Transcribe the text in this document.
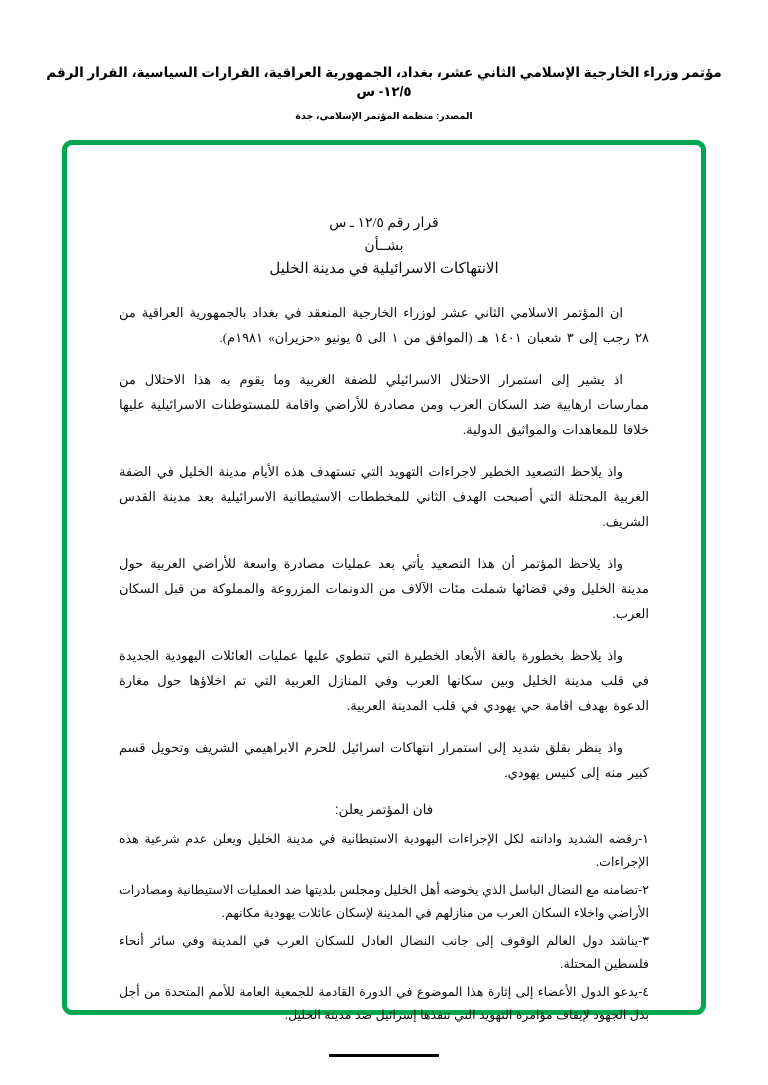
مؤتمر وزراء الخارجية الإسلامي الثاني عشر، بغداد، الجمهورية العراقية، القرارات السياسية، القرار الرقم ١٢/٥- س
المصدر: منظمة المؤتمر الإسلامي، جدة
قرار رقم ١٢/٥ ـ س
بشــأن
الانتهاكات الاسرائيلية في مدينة الخليل

ان المؤتمر الاسلامي الثاني عشر لوزراء الخارجية المنعقد في بغداد بالجمهورية العراقية من ٢٨ رجب إلى ٣ شعبان ١٤٠١ هـ (الموافق من ١ الى ٥ يونيو «حزيران» ١٩٨١م).

اذ يشير إلى استمرار الاحتلال الاسرائيلي للضفة الغربية وما يقوم به هذا الاحتلال من ممارسات ارهابية ضد السكان العرب ومن مصادرة للأراضي واقامة للمستوطنات الاسرائيلية عليها خلافا للمعاهدات والمواثيق الدولية.

واذ يلاحظ التصعيد الخطير لاجراءات التهويد التي تستهدف هذه الأيام مدينة الخليل في الضفة الغربية المحتلة التي أصبحت الهدف الثاني للمخططات الاستيطانية الاسرائيلية بعد مدينة القدس الشريف.

واذ يلاحظ المؤتمر أن هذا التصعيد يأتي بعد عمليات مصادرة واسعة للأراضي العربية حول مدينة الخليل وفي قضائها شملت مئات الآلاف من الدونمات المزروعة والمملوكة من قبل السكان العرب.

واذ يلاحظ بخطورة بالغة الأبعاد الخطيرة التي تنطوي عليها عمليات العائلات اليهودية الجديدة في قلب مدينة الخليل وبين سكانها العرب وفي المنازل العربية التي تم اخلاؤها حول مغارة الدعوة بهدف اقامة حي يهودي في قلب المدينة العربية.

واذ ينظر بقلق شديد إلى استمرار انتهاكات اسرائيل للحرم الابراهيمي الشريف وتحويل قسم كبير منه إلى كنيس يهودي.

فان المؤتمر يعلن:
١-رفضه الشديد وادانته لكل الإجراءات اليهودية الاستيطانية في مدينة الخليل ويعلن عدم شرعية هذه الإجراءات.
٢-تضامنه مع النضال الباسل الذي يخوضه أهل الخليل ومجلس بلديتها ضد العمليات الاستيطانية ومصادرات الأراضي واخلاء السكان العرب من منازلهم في المدينة لإسكان عائلات يهودية مكانهم.
٣-يناشد دول العالم الوقوف إلى جانب النضال العادل للسكان العرب في المدينة وفي سائر أنحاء فلسطين المحتلة.
٤-يدعو الدول الأعضاء إلى إثارة هذا الموضوع في الدورة القادمة للجمعية العامة للأمم المتحدة من أجل بذل الجهود لإيقاف مؤامرة التهويد التي تنفذها إسرائيل ضد مدينة الخليل.
